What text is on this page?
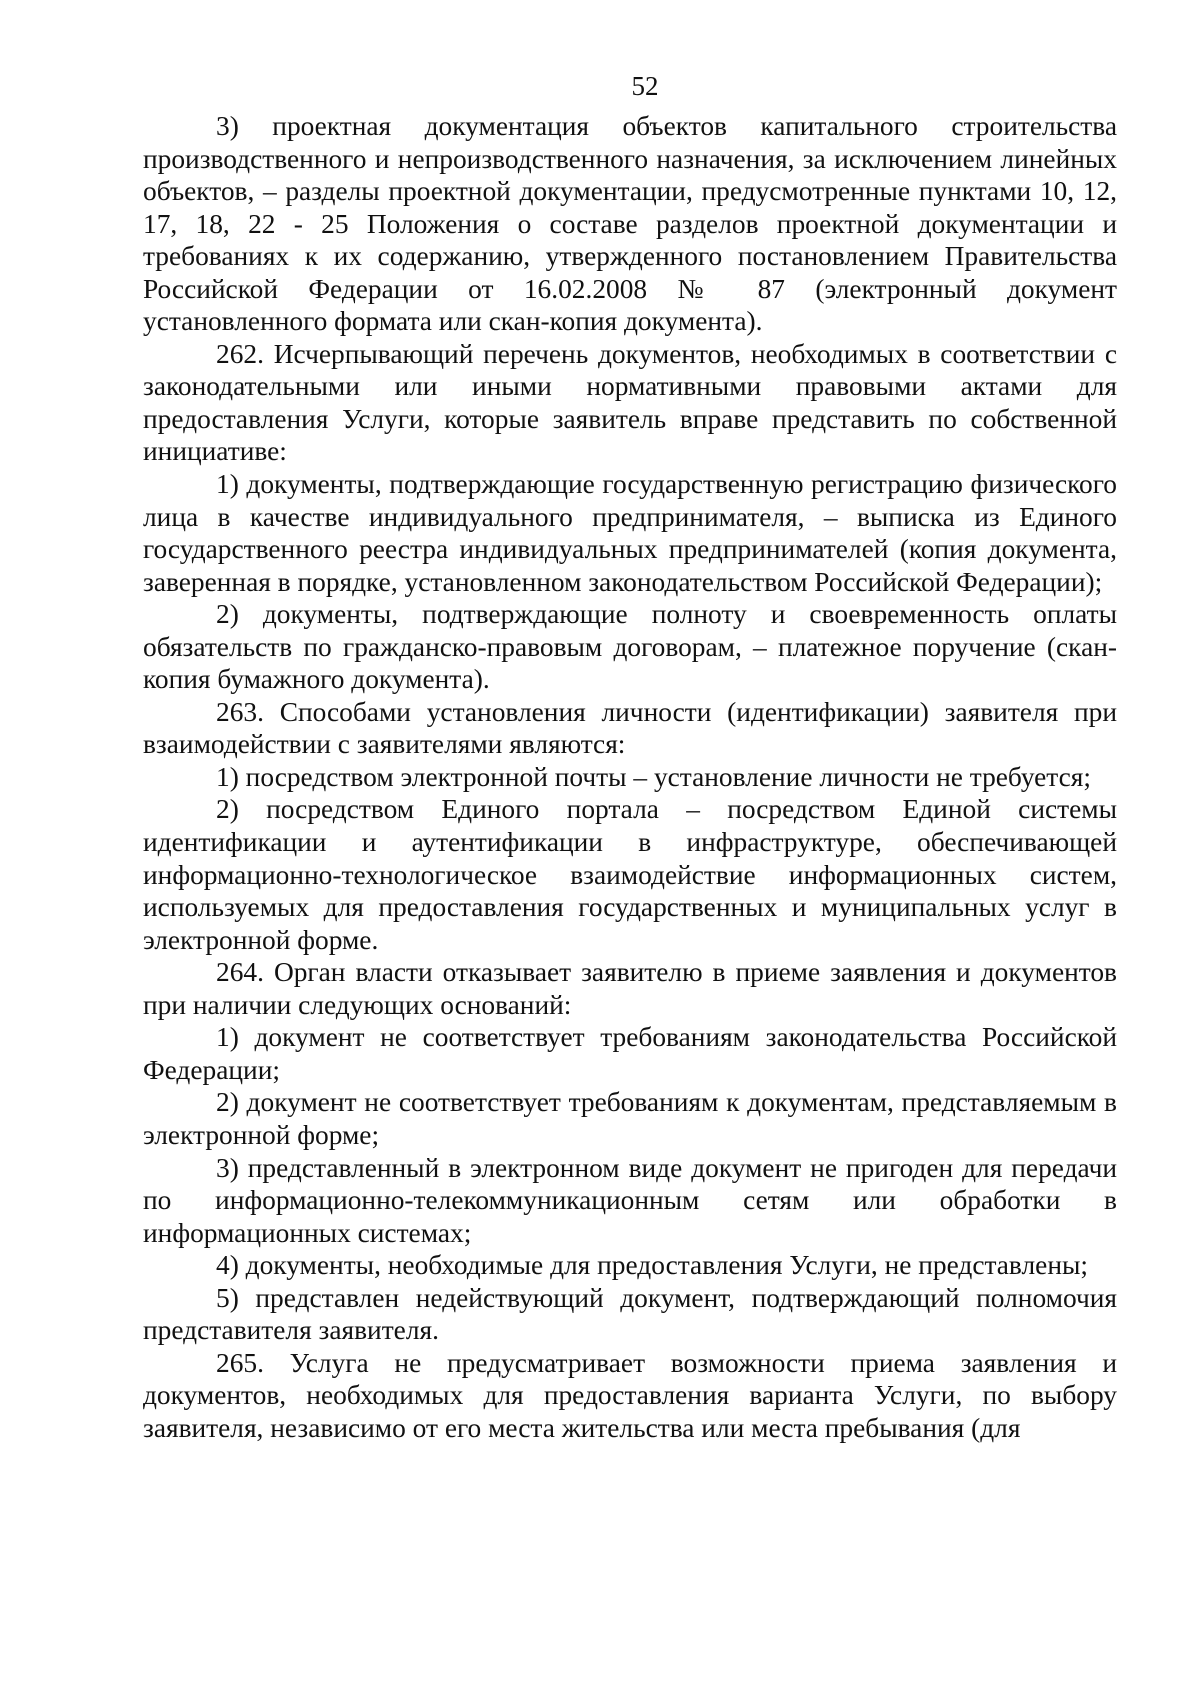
52

3) проектная документация объектов капитального строительства производственного и непроизводственного назначения, за исключением линейных объектов, – разделы проектной документации, предусмотренные пунктами 10, 12, 17, 18, 22 - 25 Положения о составе разделов проектной документации и требованиях к их содержанию, утвержденного постановлением Правительства Российской Федерации от 16.02.2008 № 87 (электронный документ установленного формата или скан-копия документа).

262. Исчерпывающий перечень документов, необходимых в соответствии с законодательными или иными нормативными правовыми актами для предоставления Услуги, которые заявитель вправе представить по собственной инициативе:

1) документы, подтверждающие государственную регистрацию физического лица в качестве индивидуального предпринимателя, – выписка из Единого государственного реестра индивидуальных предпринимателей (копия документа, заверенная в порядке, установленном законодательством Российской Федерации);

2) документы, подтверждающие полноту и своевременность оплаты обязательств по гражданско-правовым договорам, – платежное поручение (скан-копия бумажного документа).

263. Способами установления личности (идентификации) заявителя при взаимодействии с заявителями являются:

1) посредством электронной почты – установление личности не требуется;

2) посредством Единого портала – посредством Единой системы идентификации и аутентификации в инфраструктуре, обеспечивающей информационно-технологическое взаимодействие информационных систем, используемых для предоставления государственных и муниципальных услуг в электронной форме.

264. Орган власти отказывает заявителю в приеме заявления и документов при наличии следующих оснований:

1) документ не соответствует требованиям законодательства Российской Федерации;

2) документ не соответствует требованиям к документам, представляемым в электронной форме;

3) представленный в электронном виде документ не пригоден для передачи по информационно-телекоммуникационным сетям или обработки в информационных системах;

4) документы, необходимые для предоставления Услуги, не представлены;

5) представлен недействующий документ, подтверждающий полномочия представителя заявителя.

265. Услуга не предусматривает возможности приема заявления и документов, необходимых для предоставления варианта Услуги, по выбору заявителя, независимо от его места жительства или места пребывания (для
